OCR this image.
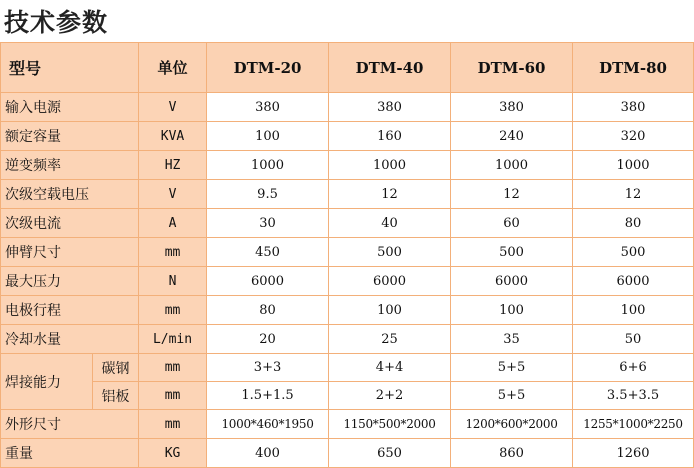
技术参数
型号		单位	DTM-20	DTM-40	DTM-60	DTM-80
输入电源		V	380	380	380	380
额定容量		KVA	100	160	240	320
逆变频率		HZ	1000	1000	1000	1000
次级空载电压		V	9.5	12	12	12
次级电流		A	30	40	60	80
伸臂尺寸		mm	450	500	500	500
最大压力		N	6000	6000	6000	6000
电极行程		mm	80	100	100	100
冷却水量		L/min	20	25	35	50
焊接能力	碳钢	mm	3+3	4+4	5+5	6+6
	铝板	mm	1.5+1.5	2+2	5+5	3.5+3.5
外形尺寸		mm	1000*460*1950	1150*500*2000	1200*600*2000	1255*1000*2250
重量		KG	400	650	860	1260
